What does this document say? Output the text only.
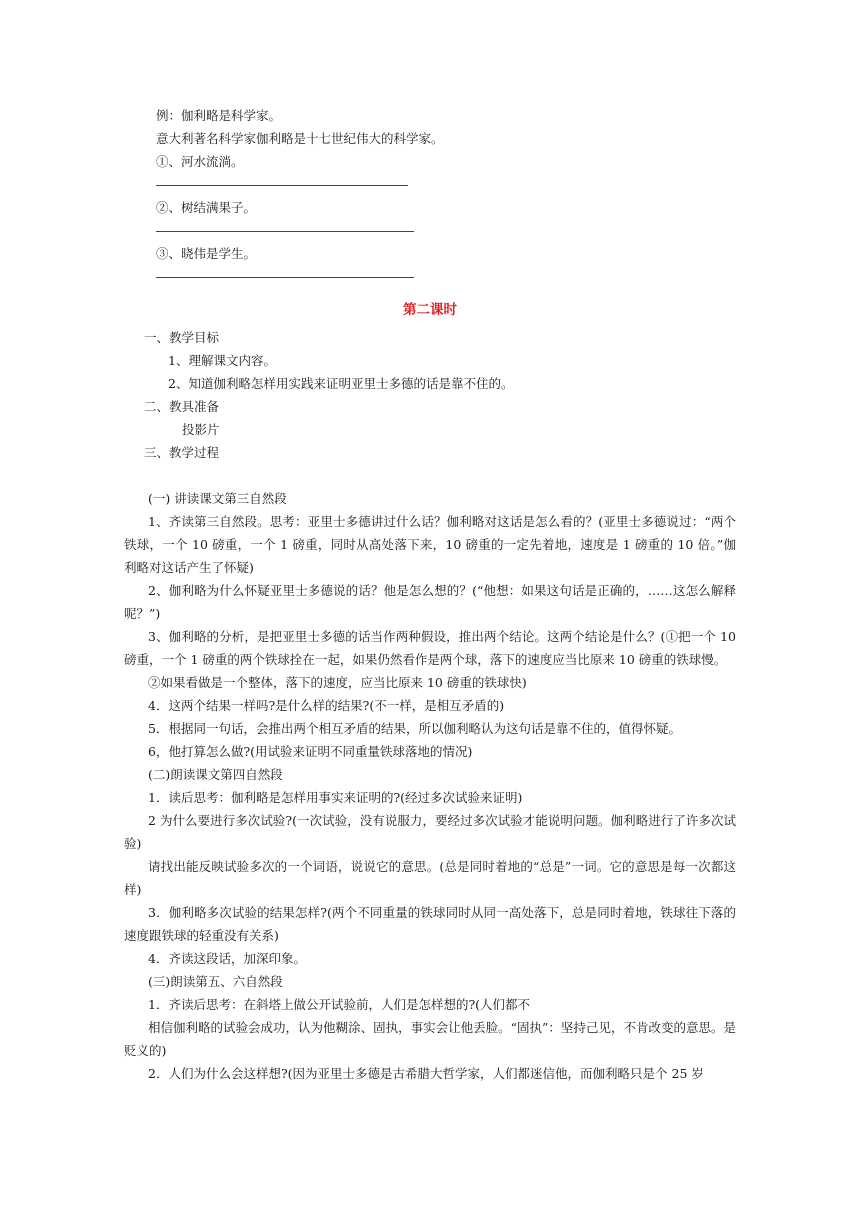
例：伽利略是科学家。

意大利著名科学家伽利略是十七世纪伟大的科学家。

①、河水流淌。

②、树结满果子。

③、晓伟是学生。

第二课时

一、教学目标

1、理解课文内容。

2、知道伽利略怎样用实践来证明亚里士多德的话是靠不住的。

二、教具准备

投影片

三、教学过程

(一) 讲读课文第三自然段

1、齐读第三自然段。思考：亚里士多德讲过什么话？伽利略对这话是怎么看的？(亚里士多德说过：“两个铁球，一个 10 磅重，一个 1 磅重，同时从高处落下来，10 磅重的一定先着地，速度是 1 磅重的 10 倍。”伽利略对这话产生了怀疑)

2、伽利略为什么怀疑亚里士多德说的话？他是怎么想的？(“他想：如果这句话是正确的，……这怎么解释呢？”)

3、伽利略的分析，是把亚里士多德的话当作两种假设，推出两个结论。这两个结论是什么？(①把一个 10 磅重，一个 1 磅重的两个铁球拴在一起，如果仍然看作是两个球，落下的速度应当比原来 10 磅重的铁球慢。

②如果看做是一个整体，落下的速度，应当比原来 10 磅重的铁球快)

4．这两个结果一样吗?是什么样的结果?(不一样，是相互矛盾的)

5．根据同一句话，会推出两个相互矛盾的结果，所以伽利略认为这句话是靠不住的，值得怀疑。

6，他打算怎么做?(用试验来证明不同重量铁球落地的情况)

(二)朗读课文第四自然段

1．读后思考：伽利略是怎样用事实来证明的?(经过多次试验来证明)

2 为什么要进行多次试验?(一次试验，没有说服力，要经过多次试验才能说明问题。伽利略进行了许多次试验)

请找出能反映试验多次的一个词语，说说它的意思。(总是同时着地的“总是”一词。它的意思是每一次都这样)

3．伽利略多次试验的结果怎样?(两个不同重量的铁球同时从同一高处落下，总是同时着地，铁球往下落的速度跟铁球的轻重没有关系)

4．齐读这段话，加深印象。

(三)朗读第五、六自然段

1．齐读后思考：在斜塔上做公开试验前，人们是怎样想的?(人们都不

相信伽利略的试验会成功，认为他糊涂、固执，事实会让他丢脸。“固执”：坚持己见，不肯改变的意思。是贬义的)

2．人们为什么会这样想?(因为亚里士多德是古希腊大哲学家，人们都迷信他，而伽利略只是个 25 岁
